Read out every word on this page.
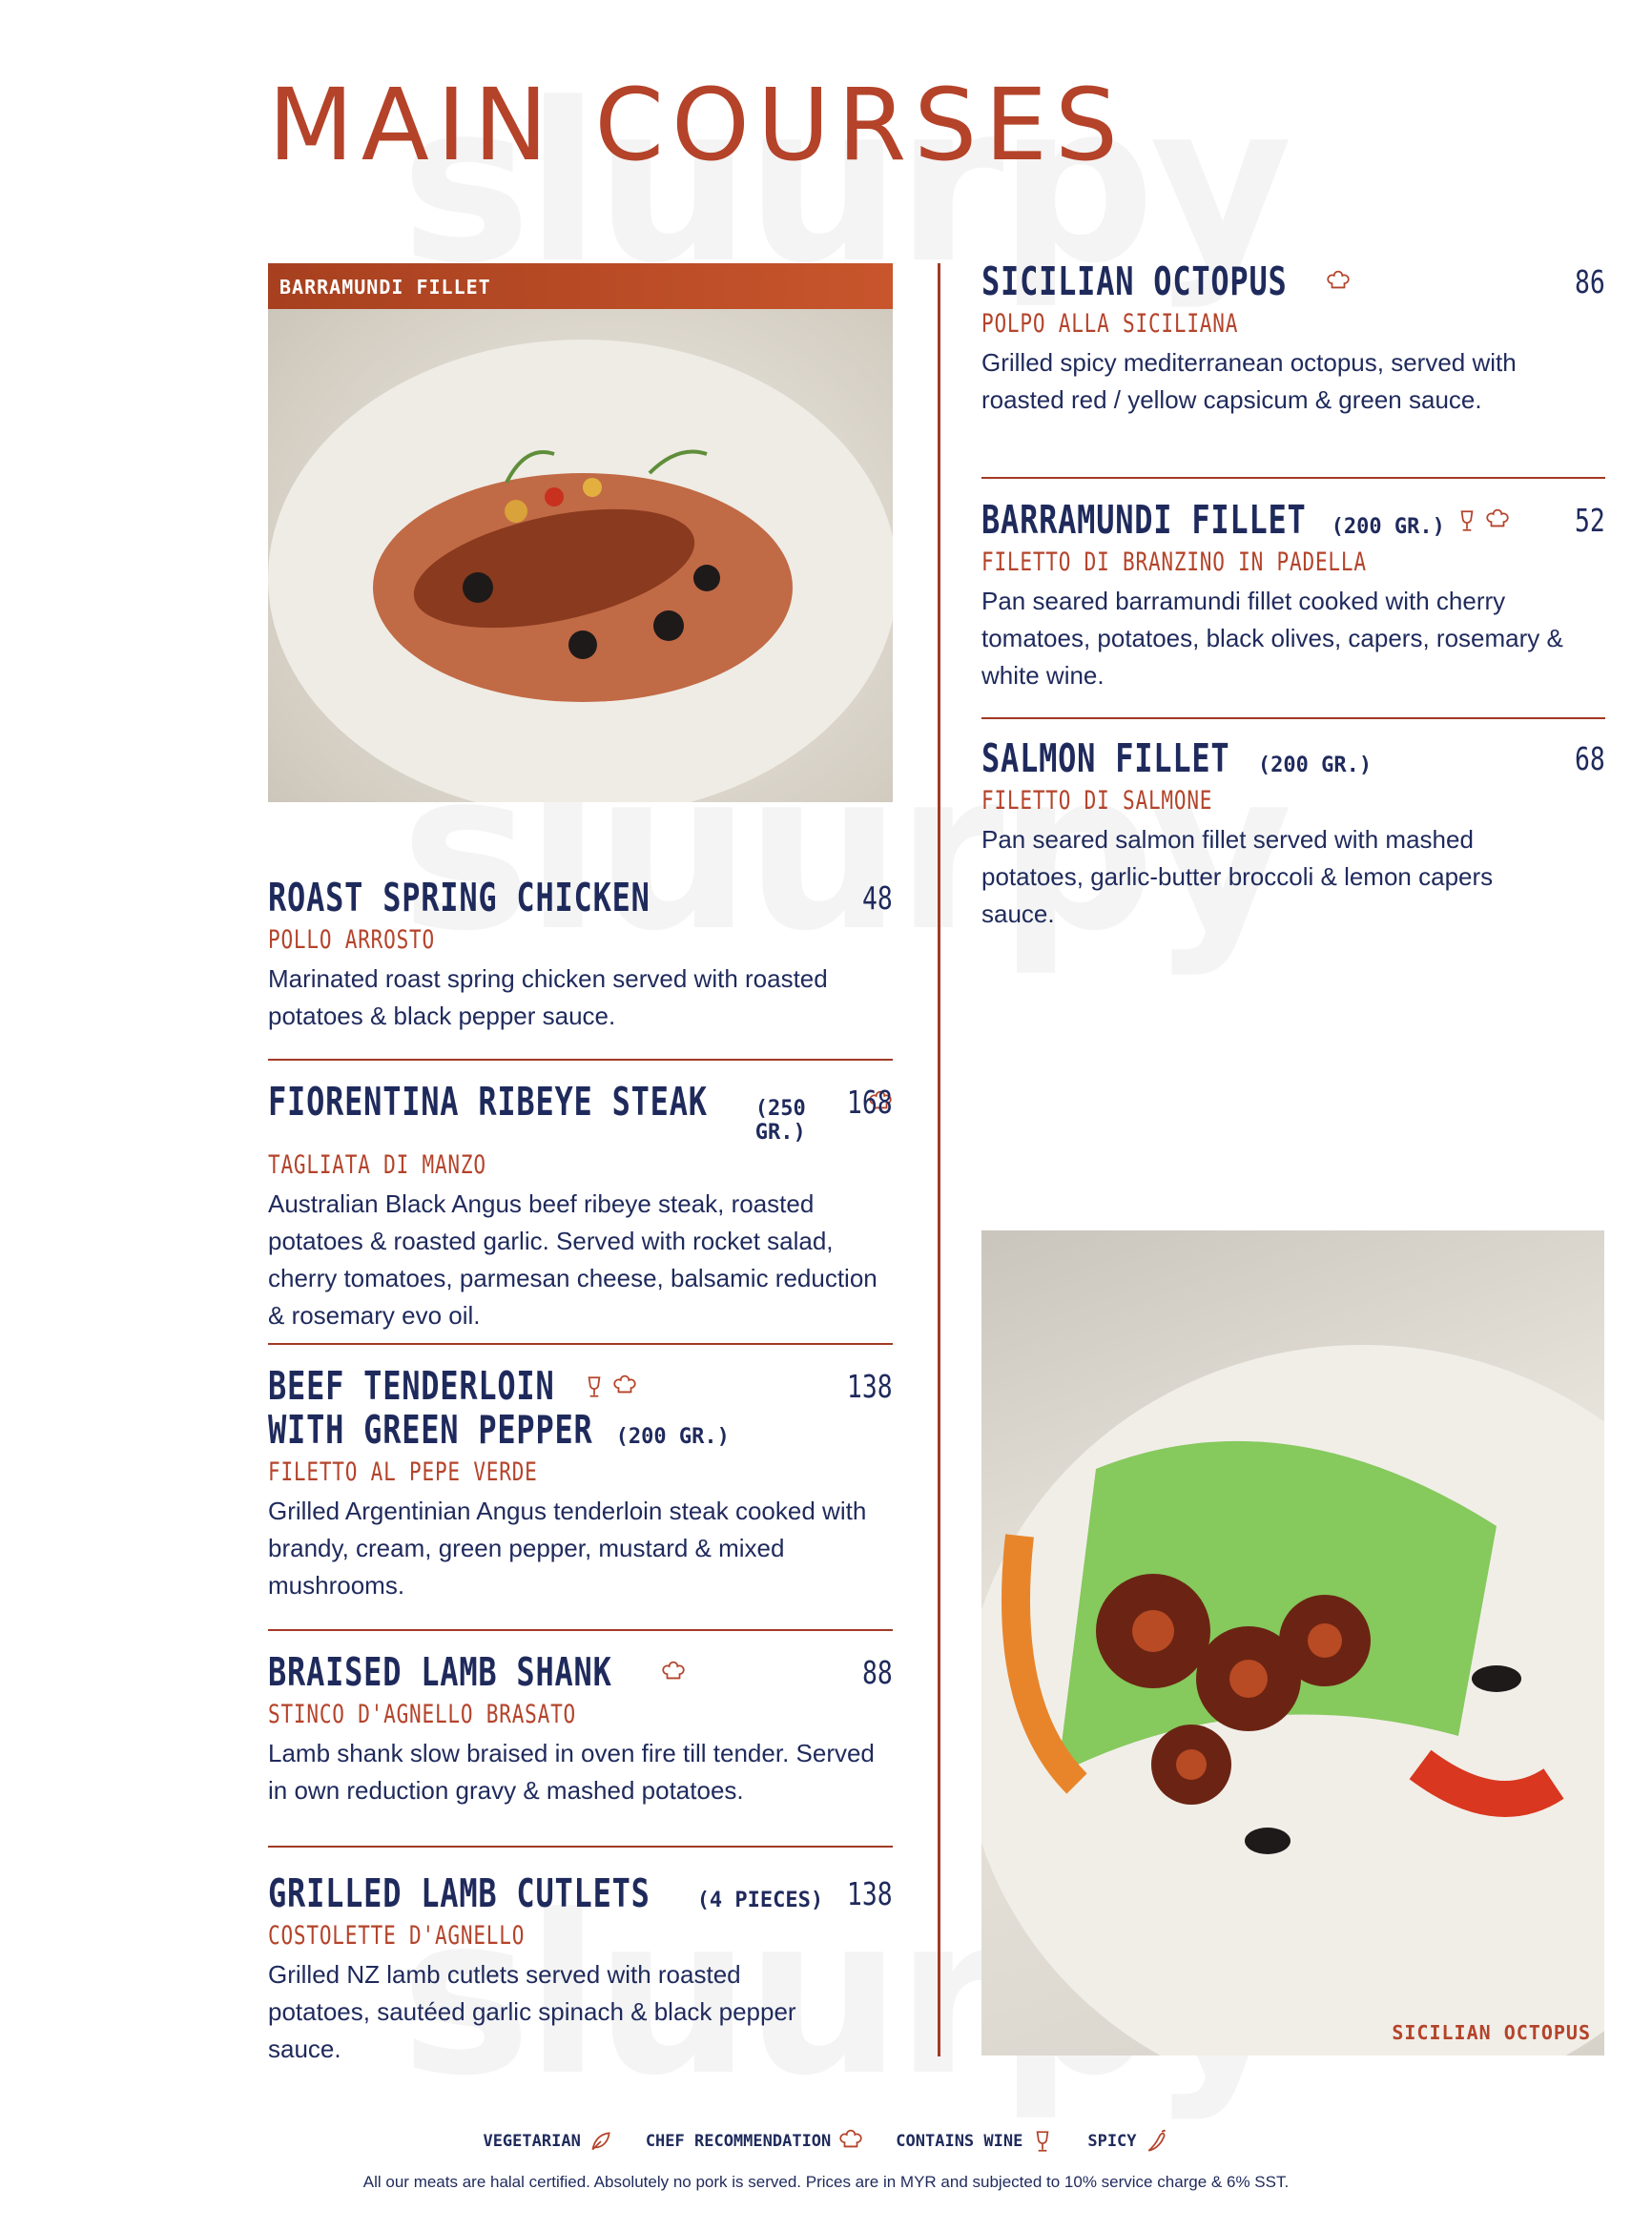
MAIN COURSES
BARRAMUNDI FILLET
SICILIAN OCTOPUS
SICILIAN OCTOPUS	86
POLPO ALLA SICILIANA
Grilled spicy mediterranean octopus, served with roasted red / yellow capsicum & green sauce.
BARRAMUNDI FILLET (200 GR.)	52
FILETTO DI BRANZINO IN PADELLA
Pan seared barramundi fillet cooked with cherry tomatoes, potatoes, black olives, capers, rosemary & white wine.
SALMON FILLET (200 GR.)	68
FILETTO DI SALMONE
Pan seared salmon fillet served with mashed potatoes, garlic-butter broccoli & lemon capers sauce.
ROAST SPRING CHICKEN	48
POLLO ARROSTO
Marinated roast spring chicken served with roasted potatoes & black pepper sauce.
FIORENTINA RIBEYE STEAK (250 GR.)
168
TAGLIATA DI MANZO
Australian Black Angus beef ribeye steak, roasted potatoes & roasted garlic. Served with rocket salad, cherry tomatoes, parmesan cheese, balsamic reduction & rosemary evo oil.
BEEF TENDERLOIN	138
WITH GREEN PEPPER (200 GR.)
FILETTO AL PEPE VERDE
Grilled Argentinian Angus tenderloin steak cooked with brandy, cream, green pepper, mustard & mixed mushrooms.
BRAISED LAMB SHANK	88
STINCO D'AGNELLO BRASATO
Lamb shank slow braised in oven fire till tender. Served in own reduction gravy & mashed potatoes.
GRILLED LAMB CUTLETS (4 PIECES) 138
COSTOLETTE D'AGNELLO
Grilled NZ lamb cutlets served with roasted potatoes, sautéed garlic spinach & black pepper sauce.
VEGETARIAN	CHEF RECOMMENDATION	CONTAINS WINE	SPICY
All our meats are halal certified. Absolutely no pork is served. Prices are in MYR and subjected to 10% service charge & 6% SST.
